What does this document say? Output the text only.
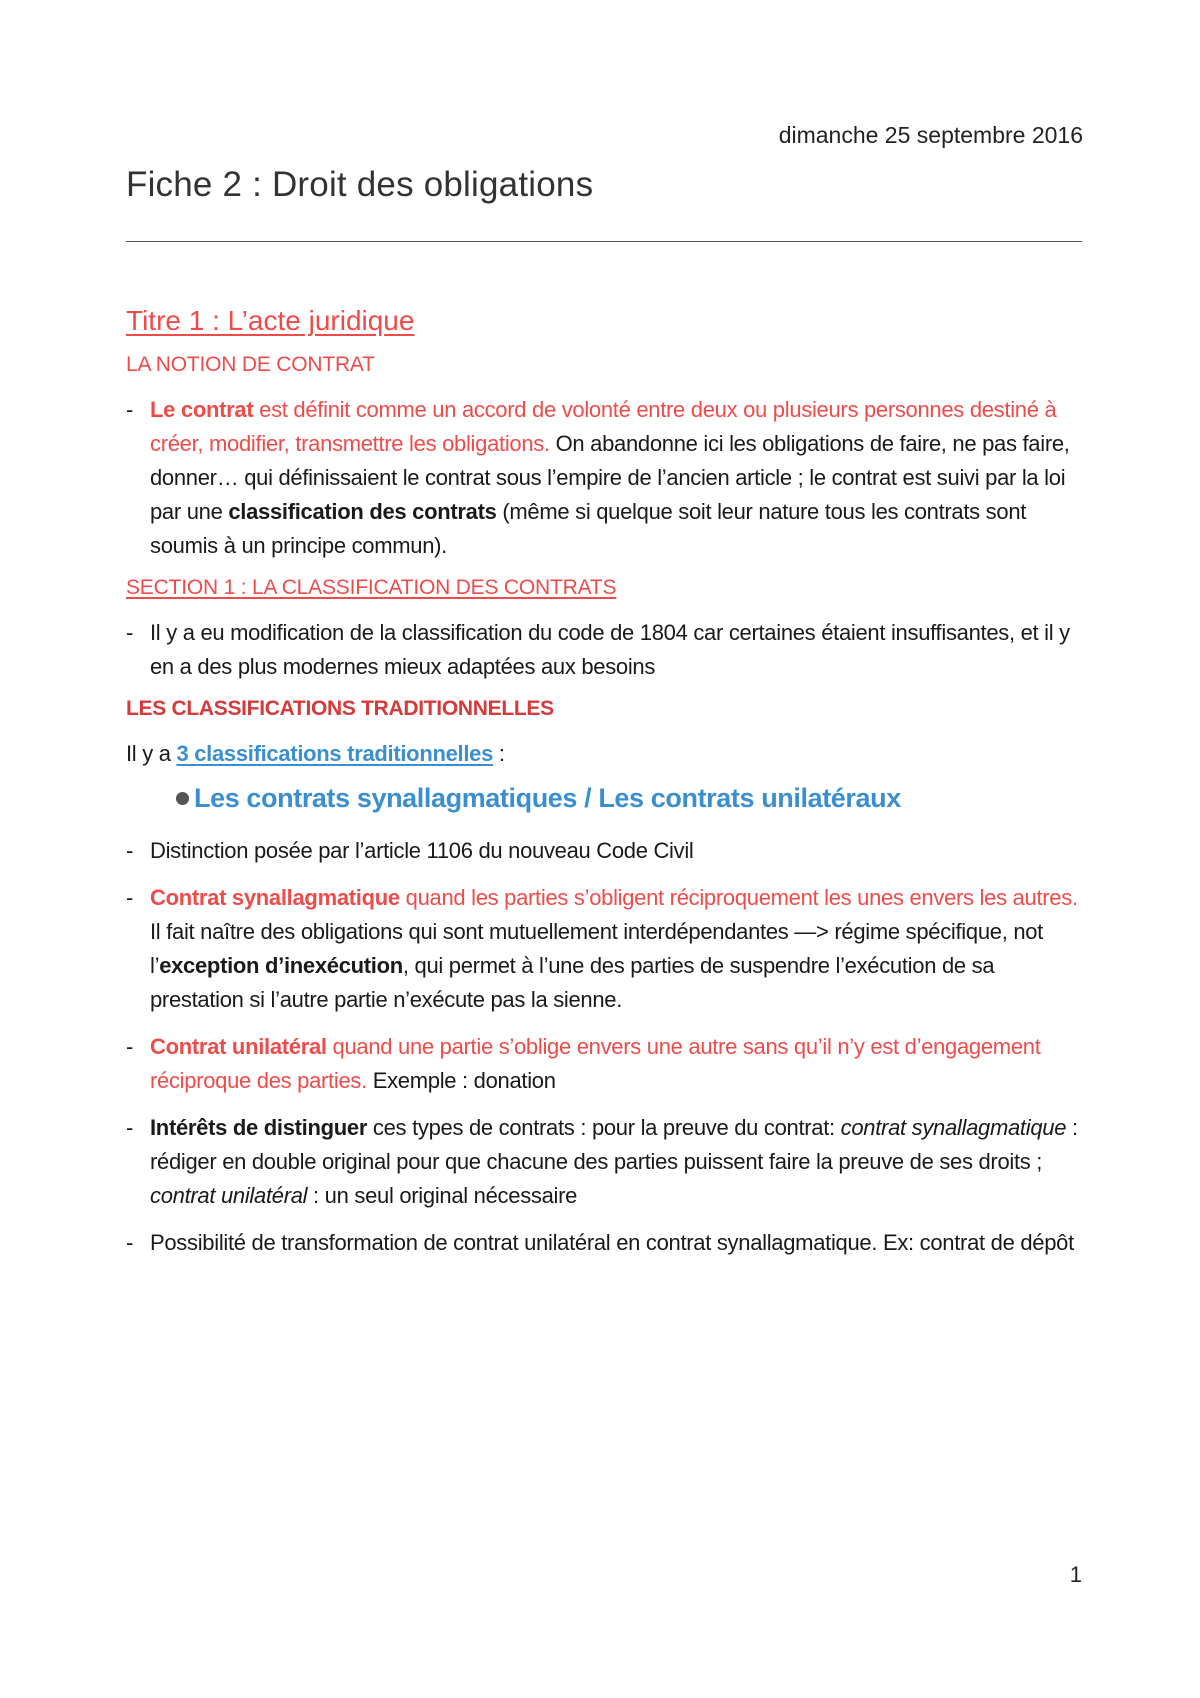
dimanche 25 septembre 2016
Fiche 2 : Droit des obligations
Titre 1 : L’acte juridique
LA NOTION DE CONTRAT
- Le contrat est définit comme un accord de volonté entre deux ou plusieurs personnes destiné à créer, modifier, transmettre les obligations. On abandonne ici les obligations de faire, ne pas faire, donner… qui définissaient le contrat sous l’empire de l’ancien article ; le contrat est suivi par la loi par une classification des contrats (même si quelque soit leur nature tous les contrats sont soumis à un principe commun).
SECTION 1 : LA CLASSIFICATION DES CONTRATS
- Il y a eu modification de la classification du code de 1804 car certaines étaient insuffisantes, et il y en a des plus modernes mieux adaptées aux besoins
LES CLASSIFICATIONS TRADITIONNELLES
Il y a 3 classifications traditionnelles :
Les contrats synallagmatiques / Les contrats unilatéraux
- Distinction posée par l’article 1106 du nouveau Code Civil
- Contrat synallagmatique quand les parties s’obligent réciproquement les unes envers les autres. Il fait naître des obligations qui sont mutuellement interdépendantes —> régime spécifique, not l’exception d’inexécution, qui permet à l’une des parties de suspendre l’exécution de sa prestation si l’autre partie n’exécute pas la sienne.
- Contrat unilatéral quand une partie s’oblige envers une autre sans qu’il n’y est d’engagement réciproque des parties. Exemple : donation
- Intérêts de distinguer ces types de contrats : pour la preuve du contrat: contrat synallagmatique : rédiger en double original pour que chacune des parties puissent faire la preuve de ses droits ; contrat unilatéral : un seul original nécessaire
- Possibilité de transformation de contrat unilatéral en contrat synallagmatique. Ex: contrat de dépôt
1
